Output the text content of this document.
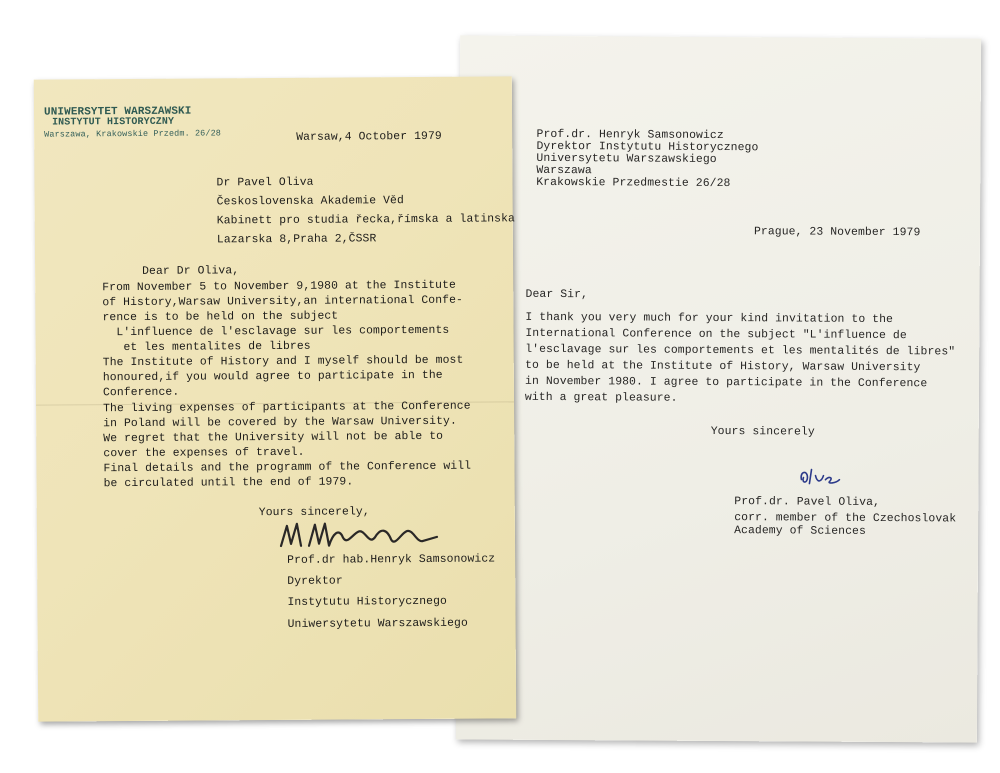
UNIWERSYTET WARSZAWSKI
INSTYTUT HISTORYCZNY
Warszawa, Krakowskie Przedm. 26/28	Warsaw,4 October 1979
Dr Pavel Oliva
Československa Akademie Věd
Kabinett pro studia řecka,římska a latinska
Lazarska 8,Praha 2,ČSSR
Dear Dr Oliva,
From November 5 to November 9,1980 at the Institute
of History,Warsaw University,an international Confe-
rence is to be held on the subject
L'influence de l'esclavage sur les comportements
et les mentalites de libres
The Institute of History and I myself should be most
honoured,if you would agree to participate in the
Conference.
The living expenses of participants at the Conference
in Poland will be covered by the Warsaw University.
We regret that the University will not be able to
cover the expenses of travel.
Final details and the programm of the Conference will
be circulated until the end of 1979.
Yours sincerely,
Prof.dr hab.Henryk Samsonowicz
Dyrektor
Instytutu Historycznego
Uniwersytetu Warszawskiego
Prof.dr. Henryk Samsonowicz
Dyrektor Instytutu Historycznego
Universytetu Warszawskiego
Warszawa
Krakowskie Przedmestie 26/28
Prague, 23 November 1979
Dear Sir,
I thank you very much for your kind invitation to the
International Conference on the subject "L'influence de
l'esclavage sur les comportements et les mentalités de libres"
to be held at the Institute of History, Warsaw University
in November 1980. I agree to participate in the Conference
with a great pleasure.
Yours sincerely
Prof.dr. Pavel Oliva,
corr. member of the Czechoslovak
Academy of Sciences
